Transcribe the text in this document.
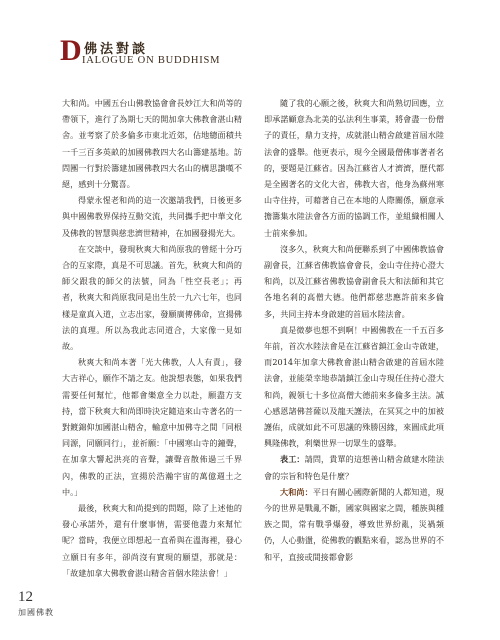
D 佛法對談
IALOGUE ON BUDDHISM

大和尚。中國五台山佛教協會會長妙江大和尚等的帶領下，進行了為期七天的開加拿大佛教會湛山精舍。並考察了於多倫多市東北近郊，佔地總面積共一千三百多英畝的加國佛教四大名山籌建基地。訪問團一行對於籌建加國佛教四大名山的構思讚嘆不絕，感到十分驚喜。

得蒙永惺老和尚的這一次邀請我們，日後更多與中國佛教界保持互動交流，共同攜手把中華文化及佛教的智慧與慈悲濟世精神，在加國發揚光大。

在交談中，發現秋爽大和尚原我的曾經十分巧合的互家際，真是不可思議。首先，秋爽大和尚的師父跟我的師父的法號，同為「性空長老」；再者，秋爽大和尚原我同是出生於一九六七年，也同樣是童真入道，立志出家，發願廣傳佛命，宣揚佛法的真理。所以為我此志同道合，大家像一見如故。

秋爽大和尚本著「光大佛教，人人有責」，發大吉祥心，願作不請之友。他說想表態，如果我們需要任何幫忙，他都會樂意全力以赴，願盡方支持，當下秋爽大和尚即時決定隨這來山寺著名的一對鍍錦仰加國湛山精舍，輸意中加佛寺之間「同根同源，同願同行」，並祈願：「中國寒山寺的鐘聲，在加拿大響起洪亮的音聲，讓聲音散佈過三千界內，佛教的正法，宣揚於浩瀚宇宙的萬億週土之中。」

最後，秋爽大和尚提到的問題，除了上述他的發心承諾外，還有什麼事情，需要他盡力來幫忙呢？當時，我便立即想起一直希與在溫海裡，發心立願日有多年，卻尚沒有實現的願望，那就是：「故建加拿大佛教會湛山精舍首個水陸法會！」

隨了我的心願之後，秋爽大和尚熟切回應，立即承諾顧意為北美的弘法利生事業，將會盡一份僧子的責任，鼎力支持，成就湛山精舍啟建首屆水陸法會的盛舉。他更表示，現今全國最僧佛事著者名的，要題是江蘇省。因為江蘇省人才濟濟，歷代都是全國著名的文化大省，佛教大省，他身為蘇州寒山寺住持，可藉著自己在本地的人際關係，願意承擔籌集水陸法會各方面的協調工作，並組織相關人士前來參加。

沒多久，秋爽大和尚便聯系到了中國佛教協會副會長，江蘇省佛教協會會長，金山寺住持心澄大和尚，以及江蘇省佛教協會副會長大和法師和其它各地名剎的高僧大德。他們都慈悲應許前來多倫多，共同主持本身啟建的首屆水陸法會。

真是微夢也想不到啊！中國佛教在一千五百多年前，首次水陸法會是在江蘇省鎮江金山寺啟建，而2014年加拿大佛教會湛山精舍啟建的首屆水陸法會，並能榮幸地恭請鎮江金山寺現任住持心澄大和尚，親領七十多位高僧大德前來多倫多主法。誠心感恩諸佛菩薩以及龍天護法，在冥冥之中的加被護佑，成就如此不可思議的殊勝因緣，來圓成此項興隆佛教，利樂世界一切眾生的盛舉。

表工：請問，貴單的這想善山精舍啟建水陸法會的宗旨和特色是什麼？

大和尚：平日有關心國際新聞的人都知道，現今的世界是戰亂不斷，國家與國家之間，種族與種族之間，常有戰爭爆發，導致世界紛亂，災禍頻仍，人心動盪，從佛教的觀點來看，認為世界的不和平，直接或間接都會影

12
加國佛教
